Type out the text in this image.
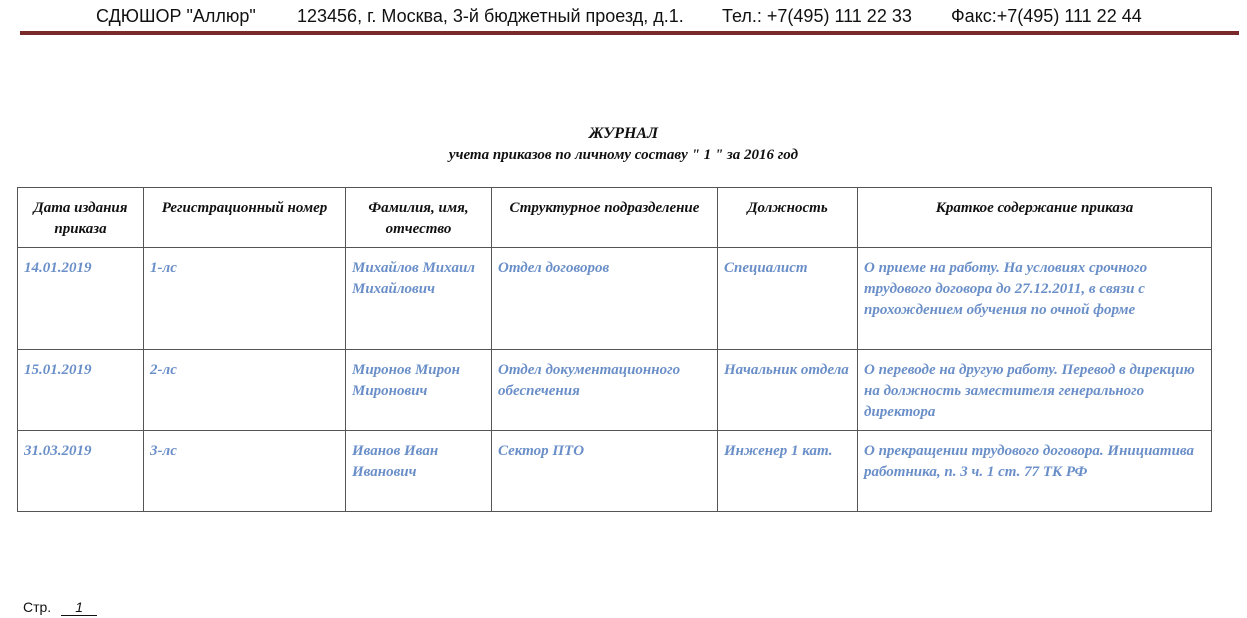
СДЮШОР "Аллюр" 123456, г. Москва, 3-й бюджетный проезд, д.1. Тел.: +7(495) 111 22 33 Факс:+7(495) 111 22 44
ЖУРНАЛ
учета приказов по личному составу " 1 " за 2016 год
Дата издания приказа	Регистрационный номер	Фамилия, имя, отчество	Структурное подразделение	Должность	Краткое содержание приказа
14.01.2019	1-лс	Михайлов Михаил Михайлович	Отдел договоров	Специалист	О приеме на работу. На условиях срочного трудового договора до 27.12.2011, в связи с прохождением обучения по очной форме
15.01.2019	2-лс	Миронов Мирон Миронович	Отдел документационного обеспечения	Начальник отдела	О переводе на другую работу. Перевод в дирекцию на должность заместителя генерального директора
31.03.2019	3-лс	Иванов Иван Иванович	Сектор ПТО	Инженер 1 кат.	О прекращении трудового договора. Инициатива работника, п. 3 ч. 1 ст. 77 ТК РФ
Стр. 1
